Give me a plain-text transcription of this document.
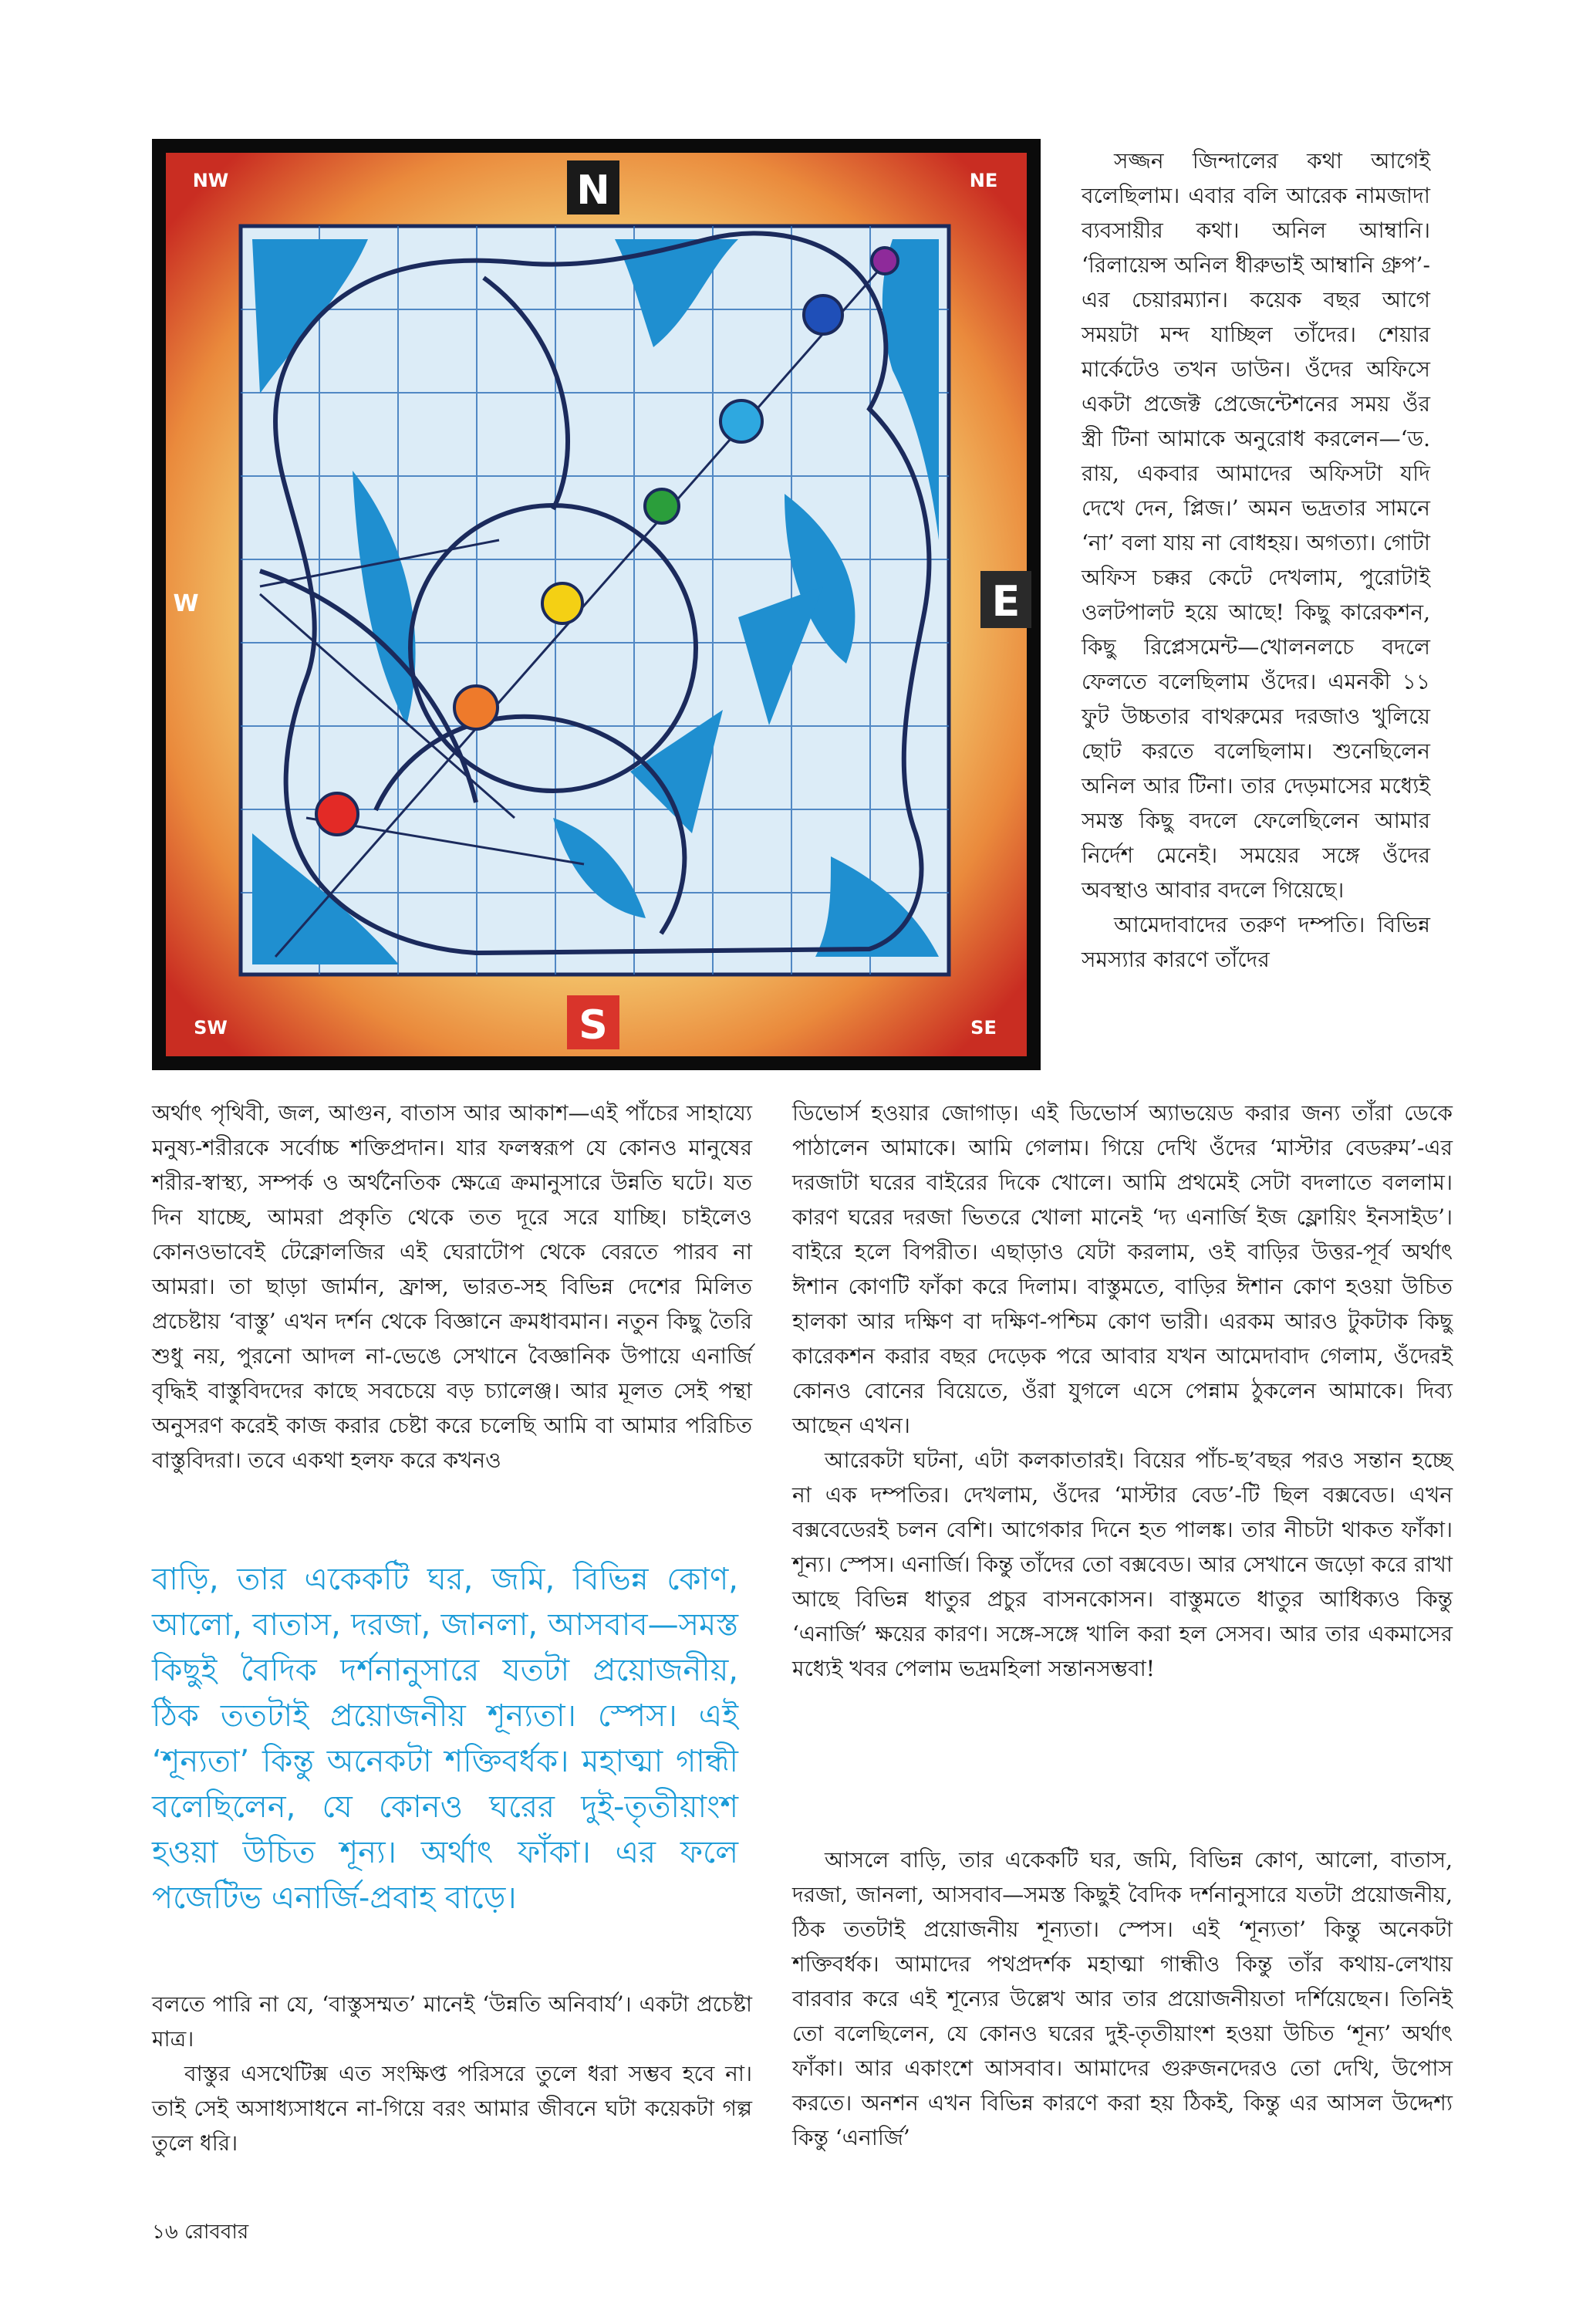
N
S
E
W
NW	NE
SW	SE

সজ্জন জিন্দালের কথা আগেই বলেছিলাম। এবার বলি আরেক নামজাদা ব্যবসায়ীর কথা। অনিল আম্বানি। ‘রিলায়েন্স অনিল ধীরুভাই আম্বানি গ্রুপ’-এর চেয়ারম্যান। কয়েক বছর আগে সময়টা মন্দ যাচ্ছিল তাঁদের। শেয়ার মার্কেটেও তখন ডাউন। ওঁদের অফিসে একটা প্রজেক্ট প্রেজেন্টেশনের সময় ওঁর স্ত্রী টিনা আমাকে অনুরোধ করলেন—‘ড. রায়, একবার আমাদের অফিসটা যদি দেখে দেন, প্লিজ।’ অমন ভদ্রতার সামনে ‘না’ বলা যায় না বোধহয়। অগত্যা। গোটা অফিস চক্কর কেটে দেখলাম, পুরোটাই ওলটপালট হয়ে আছে! কিছু কারেকশন, কিছু রিপ্লেসমেন্ট—খোলনলচে বদলে ফেলতে বলেছিলাম ওঁদের। এমনকী ১১ ফুট উচ্চতার বাথরুমের দরজাও খুলিয়ে ছোট করতে বলেছিলাম। শুনেছিলেন অনিল আর টিনা। তার দেড়মাসের মধ্যেই সমস্ত কিছু বদলে ফেলেছিলেন আমার নির্দেশ মেনেই। সময়ের সঙ্গে ওঁদের অবস্থাও আবার বদলে গিয়েছে।

আমেদাবাদের তরুণ দম্পতি। বিভিন্ন সমস্যার কারণে তাঁদের

অর্থাৎ পৃথিবী, জল, আগুন, বাতাস আর আকাশ—এই পাঁচের সাহায্যে মনুষ্য-শরীরকে সর্বোচ্চ শক্তিপ্রদান। যার ফলস্বরূপ যে কোনও মানুষের শরীর-স্বাস্থ্য, সম্পর্ক ও অর্থনৈতিক ক্ষেত্রে ক্রমানুসারে উন্নতি ঘটে। যত দিন যাচ্ছে, আমরা প্রকৃতি থেকে তত দূরে সরে যাচ্ছি। চাইলেও কোনওভাবেই টেক্নোলজির এই ঘেরাটোপ থেকে বেরতে পারব না আমরা। তা ছাড়া জার্মান, ফ্রান্স, ভারত-সহ বিভিন্ন দেশের মিলিত প্রচেষ্টায় ‘বাস্তু’ এখন দর্শন থেকে বিজ্ঞানে ক্রমধাবমান। নতুন কিছু তৈরি শুধু নয়, পুরনো আদল না-ভেঙে সেখানে বৈজ্ঞানিক উপায়ে এনার্জি বৃদ্ধিই বাস্তুবিদদের কাছে সবচেয়ে বড় চ্যালেঞ্জ। আর মূলত সেই পন্থা অনুসরণ করেই কাজ করার চেষ্টা করে চলেছি আমি বা আমার পরিচিত বাস্তুবিদরা। তবে একথা হলফ করে কখনও

বাড়ি, তার একেকটি ঘর, জমি, বিভিন্ন কোণ, আলো, বাতাস, দরজা, জানলা, আসবাব—সমস্ত কিছুই বৈদিক দর্শনানুসারে যতটা প্রয়োজনীয়, ঠিক ততটাই প্রয়োজনীয় শূন্যতা। স্পেস। এই ‘শূন্যতা’ কিন্তু অনেকটা শক্তিবর্ধক। মহাত্মা গান্ধী বলেছিলেন, যে কোনও ঘরের দুই-তৃতীয়াংশ হওয়া উচিত শূন্য। অর্থাৎ ফাঁকা। এর ফলে পজেটিভ এনার্জি-প্রবাহ বাড়ে।

বলতে পারি না যে, ‘বাস্তুসম্মত’ মানেই ‘উন্নতি অনিবার্য’। একটা প্রচেষ্টা মাত্র।

বাস্তুর এসথেটিক্স এত সংক্ষিপ্ত পরিসরে তুলে ধরা সম্ভব হবে না। তাই সেই অসাধ্যসাধনে না-গিয়ে বরং আমার জীবনে ঘটা কয়েকটা গল্প তুলে ধরি।

ডিভোর্স হওয়ার জোগাড়। এই ডিভোর্স অ্যাভয়েড করার জন্য তাঁরা ডেকে পাঠালেন আমাকে। আমি গেলাম। গিয়ে দেখি ওঁদের ‘মাস্টার বেডরুম’-এর দরজাটা ঘরের বাইরের দিকে খোলে। আমি প্রথমেই সেটা বদলাতে বললাম। কারণ ঘরের দরজা ভিতরে খোলা মানেই ‘দ্য এনার্জি ইজ ফ্লোয়িং ইনসাইড’। বাইরে হলে বিপরীত। এছাড়াও যেটা করলাম, ওই বাড়ির উত্তর-পূর্ব অর্থাৎ ঈশান কোণটি ফাঁকা করে দিলাম। বাস্তুমতে, বাড়ির ঈশান কোণ হওয়া উচিত হালকা আর দক্ষিণ বা দক্ষিণ-পশ্চিম কোণ ভারী। এরকম আরও টুকটাক কিছু কারেকশন করার বছর দেড়েক পরে আবার যখন আমেদাবাদ গেলাম, ওঁদেরই কোনও বোনের বিয়েতে, ওঁরা যুগলে এসে পেন্নাম ঠুকলেন আমাকে। দিব্য আছেন এখন।

আরেকটা ঘটনা, এটা কলকাতারই। বিয়ের পাঁচ-ছ’বছর পরও সন্তান হচ্ছে না এক দম্পতির। দেখলাম, ওঁদের ‘মাস্টার বেড’-টি ছিল বক্সবেড। এখন বক্সবেডেরই চলন বেশি। আগেকার দিনে হত পালঙ্ক। তার নীচটা থাকত ফাঁকা। শূন্য। স্পেস। এনার্জি। কিন্তু তাঁদের তো বক্সবেড। আর সেখানে জড়ো করে রাখা আছে বিভিন্ন ধাতুর প্রচুর বাসনকোসন। বাস্তুমতে ধাতুর আধিক্যও কিন্তু ‘এনার্জি’ ক্ষয়ের কারণ। সঙ্গে-সঙ্গে খালি করা হল সেসব। আর তার একমাসের মধ্যেই খবর পেলাম ভদ্রমহিলা সন্তানসম্ভবা!

আসলে বাড়ি, তার একেকটি ঘর, জমি, বিভিন্ন কোণ, আলো, বাতাস, দরজা, জানলা, আসবাব—সমস্ত কিছুই বৈদিক দর্শনানুসারে যতটা প্রয়োজনীয়, ঠিক ততটাই প্রয়োজনীয় শূন্যতা। স্পেস। এই ‘শূন্যতা’ কিন্তু অনেকটা শক্তিবর্ধক। আমাদের পথপ্রদর্শক মহাত্মা গান্ধীও কিন্তু তাঁর কথায়-লেখায় বারবার করে এই শূন্যের উল্লেখ আর তার প্রয়োজনীয়তা দর্শিয়েছেন। তিনিই তো বলেছিলেন, যে কোনও ঘরের দুই-তৃতীয়াংশ হওয়া উচিত ‘শূন্য’ অর্থাৎ ফাঁকা। আর একাংশে আসবাব। আমাদের গুরুজনদেরও তো দেখি, উপোস করতে। অনশন এখন বিভিন্ন কারণে করা হয় ঠিকই, কিন্তু এর আসল উদ্দেশ্য কিন্তু ‘এনার্জি’

১৬ রোববার
